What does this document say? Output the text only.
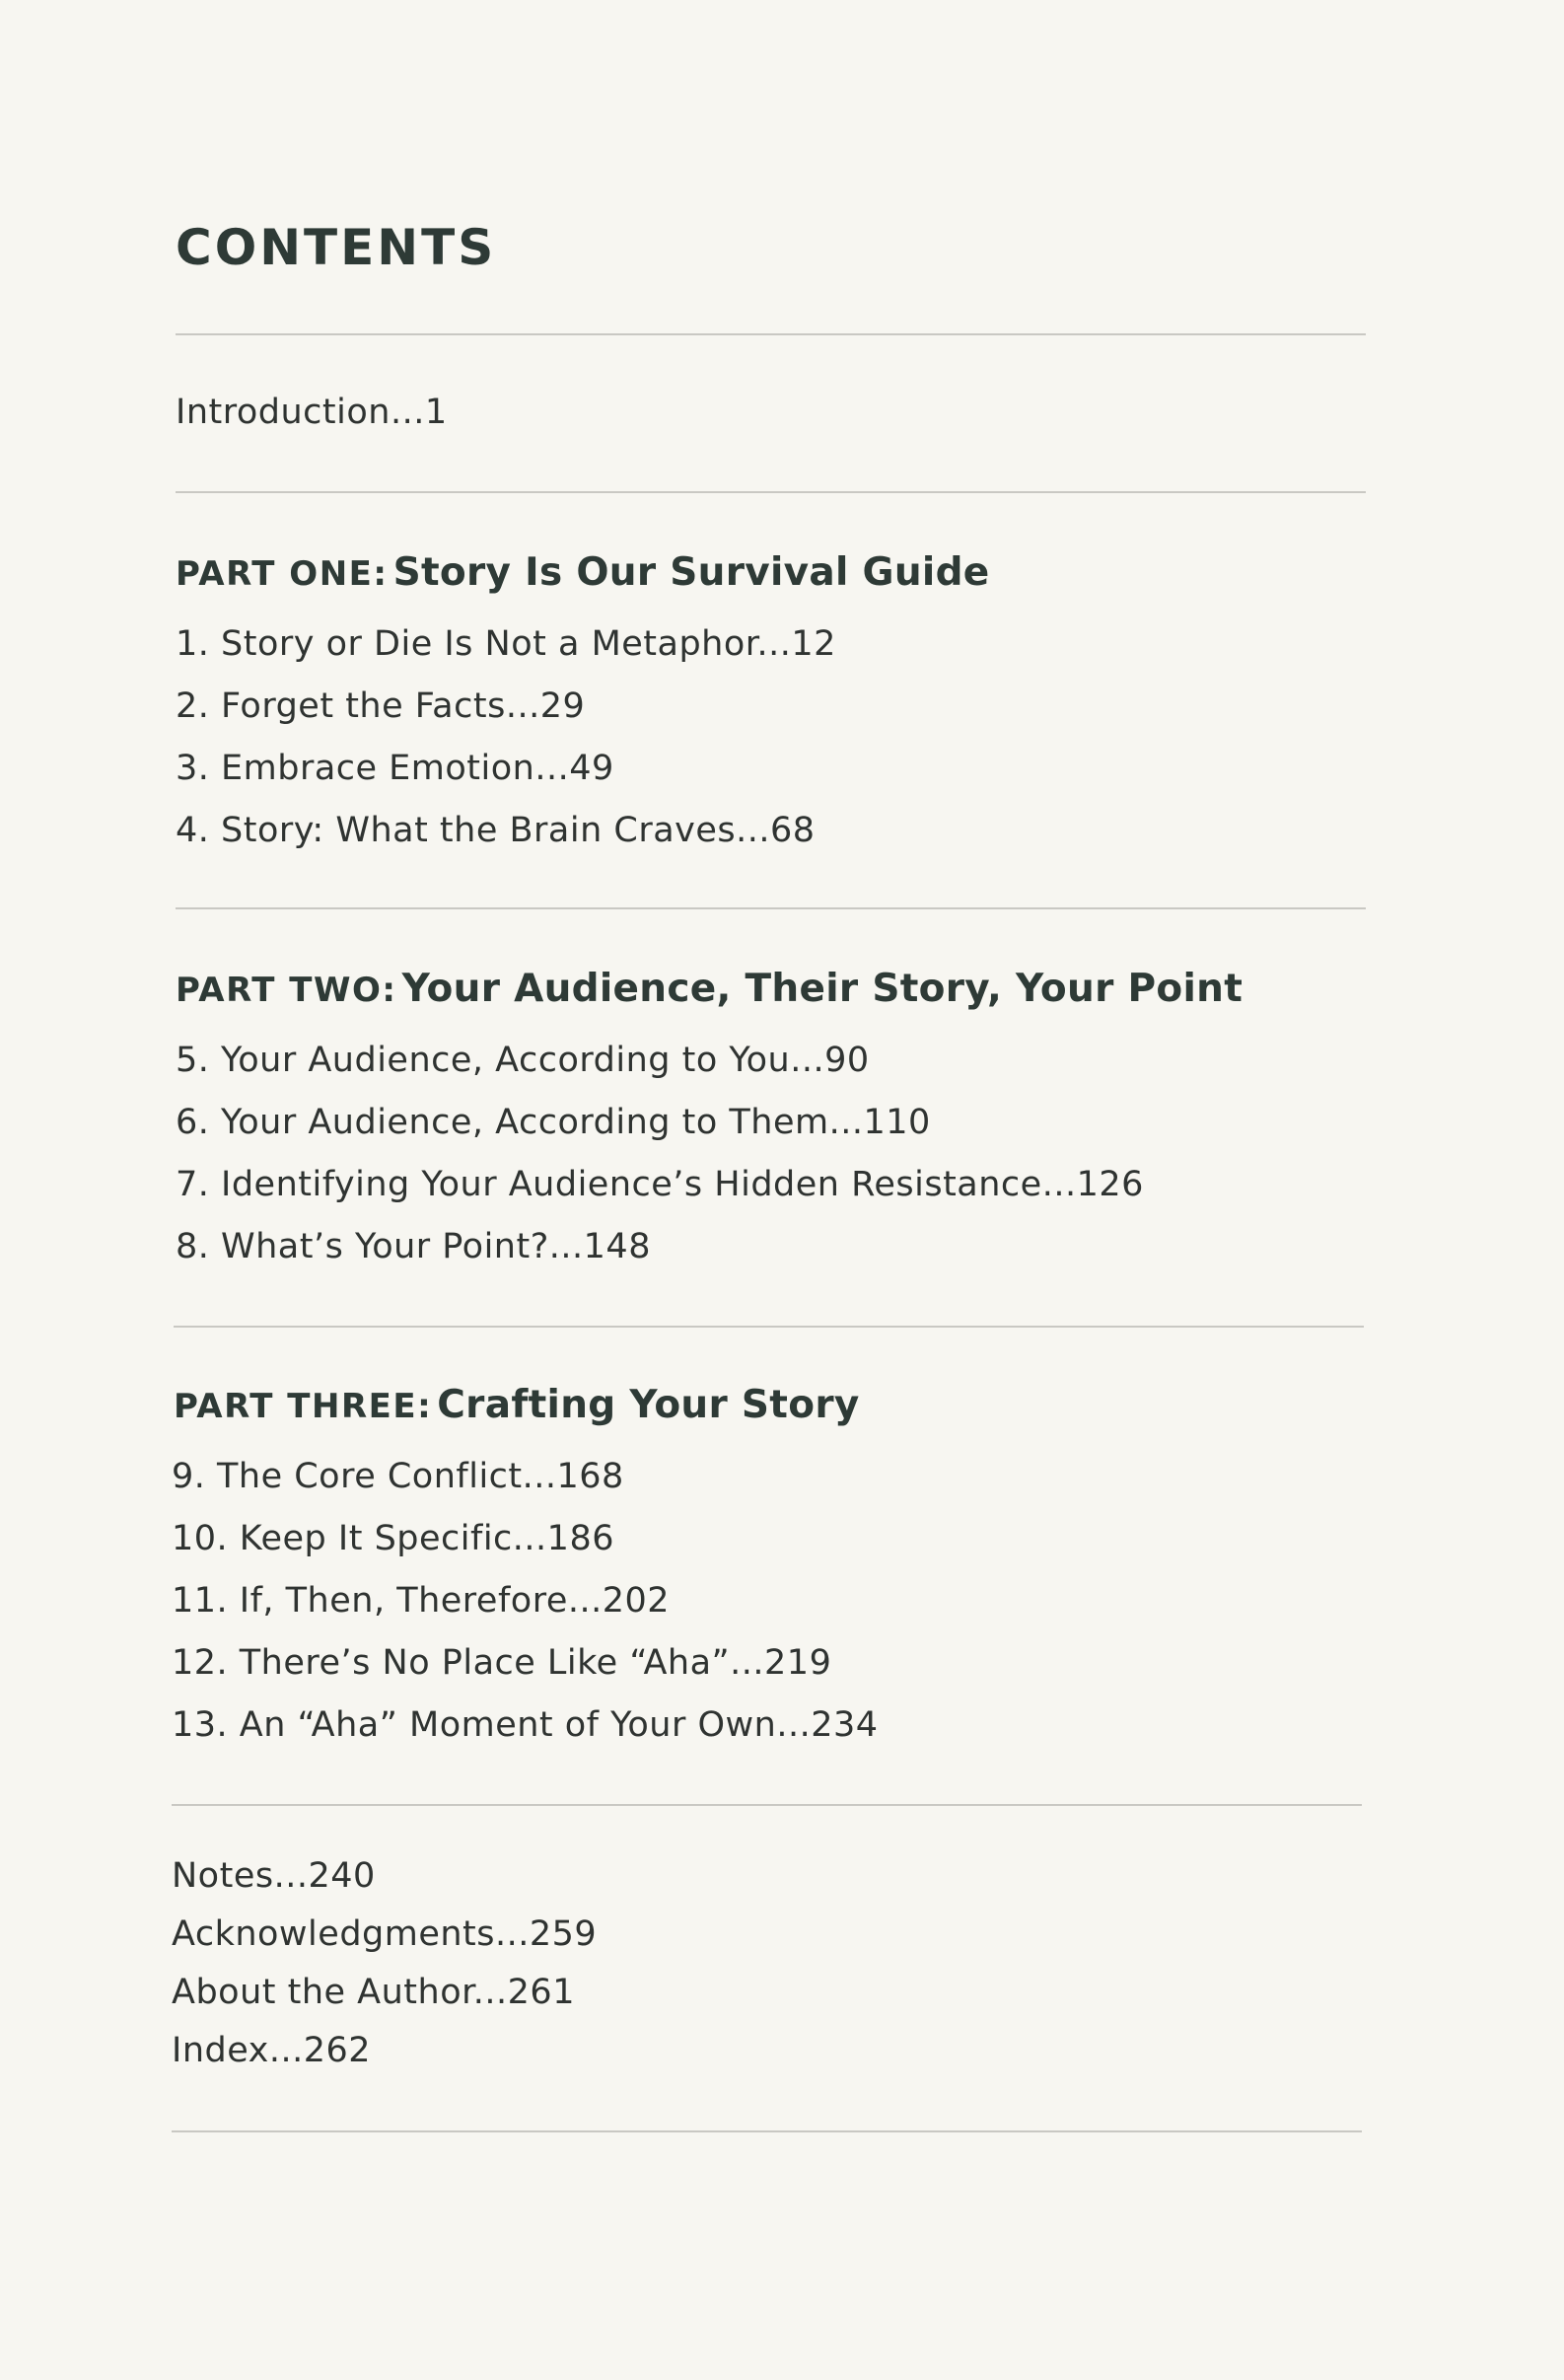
CONTENTS

Introduction...1

PART ONE: Story Is Our Survival Guide

1. Story or Die Is Not a Metaphor...12

2. Forget the Facts...29

3. Embrace Emotion...49

4. Story: What the Brain Craves...68

PART TWO: Your Audience, Their Story, Your Point

5. Your Audience, According to You...90

6. Your Audience, According to Them...110

7. Identifying Your Audience’s Hidden Resistance...126

8. What’s Your Point?...148

PART THREE: Crafting Your Story

9. The Core Conflict...168

10. Keep It Specific...186

11. If, Then, Therefore...202

12. There’s No Place Like “Aha”...219

13. An “Aha” Moment of Your Own...234

Notes...240

Acknowledgments...259

About the Author...261

Index...262
